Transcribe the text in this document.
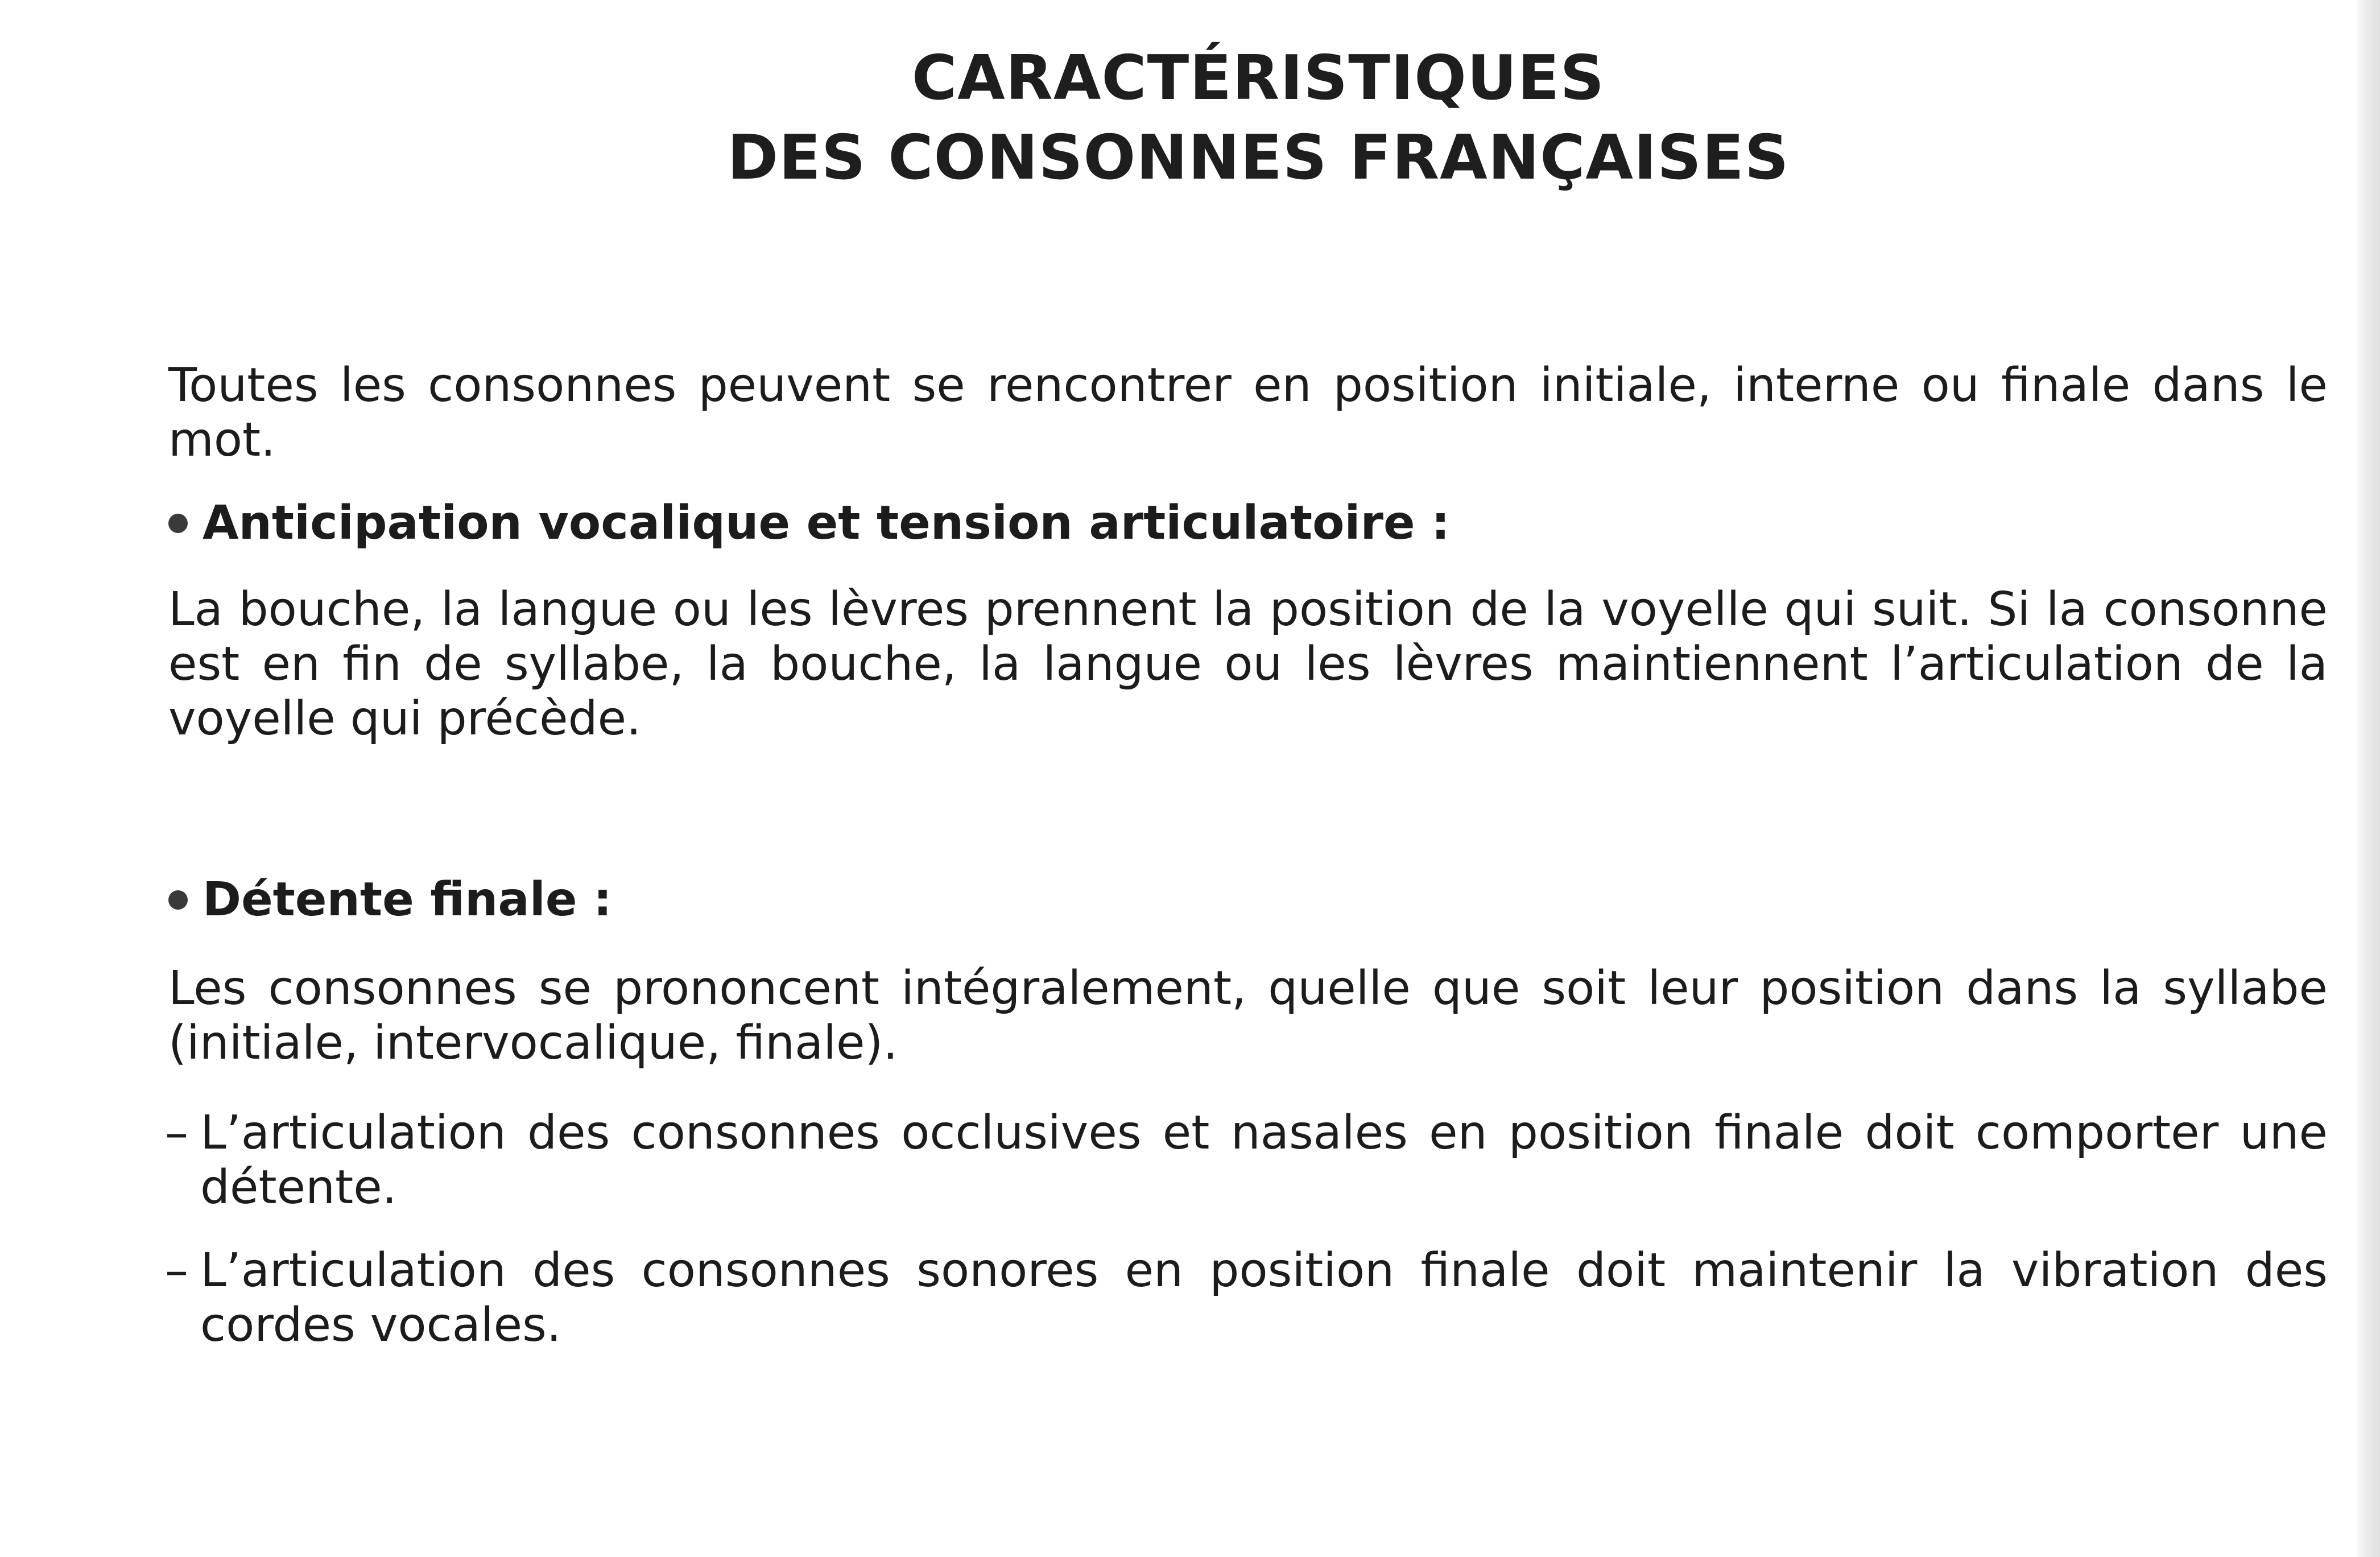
CARACTÉRISTIQUES
DES CONSONNES FRANÇAISES

Toutes les consonnes peuvent se rencontrer en position initiale, interne ou finale dans le mot.

Anticipation vocalique et tension articulatoire :

La bouche, la langue ou les lèvres prennent la position de la voyelle qui suit. Si la consonne est en fin de syllabe, la bouche, la langue ou les lèvres maintiennent l’articulation de la voyelle qui précède.

Détente finale :

Les consonnes se prononcent intégralement, quelle que soit leur position dans la syllabe (initiale, intervocalique, finale).

– L’articulation des consonnes occlusives et nasales en position finale doit comporter une détente.
– L’articulation des consonnes sonores en position finale doit maintenir la vibration des cordes vocales.
